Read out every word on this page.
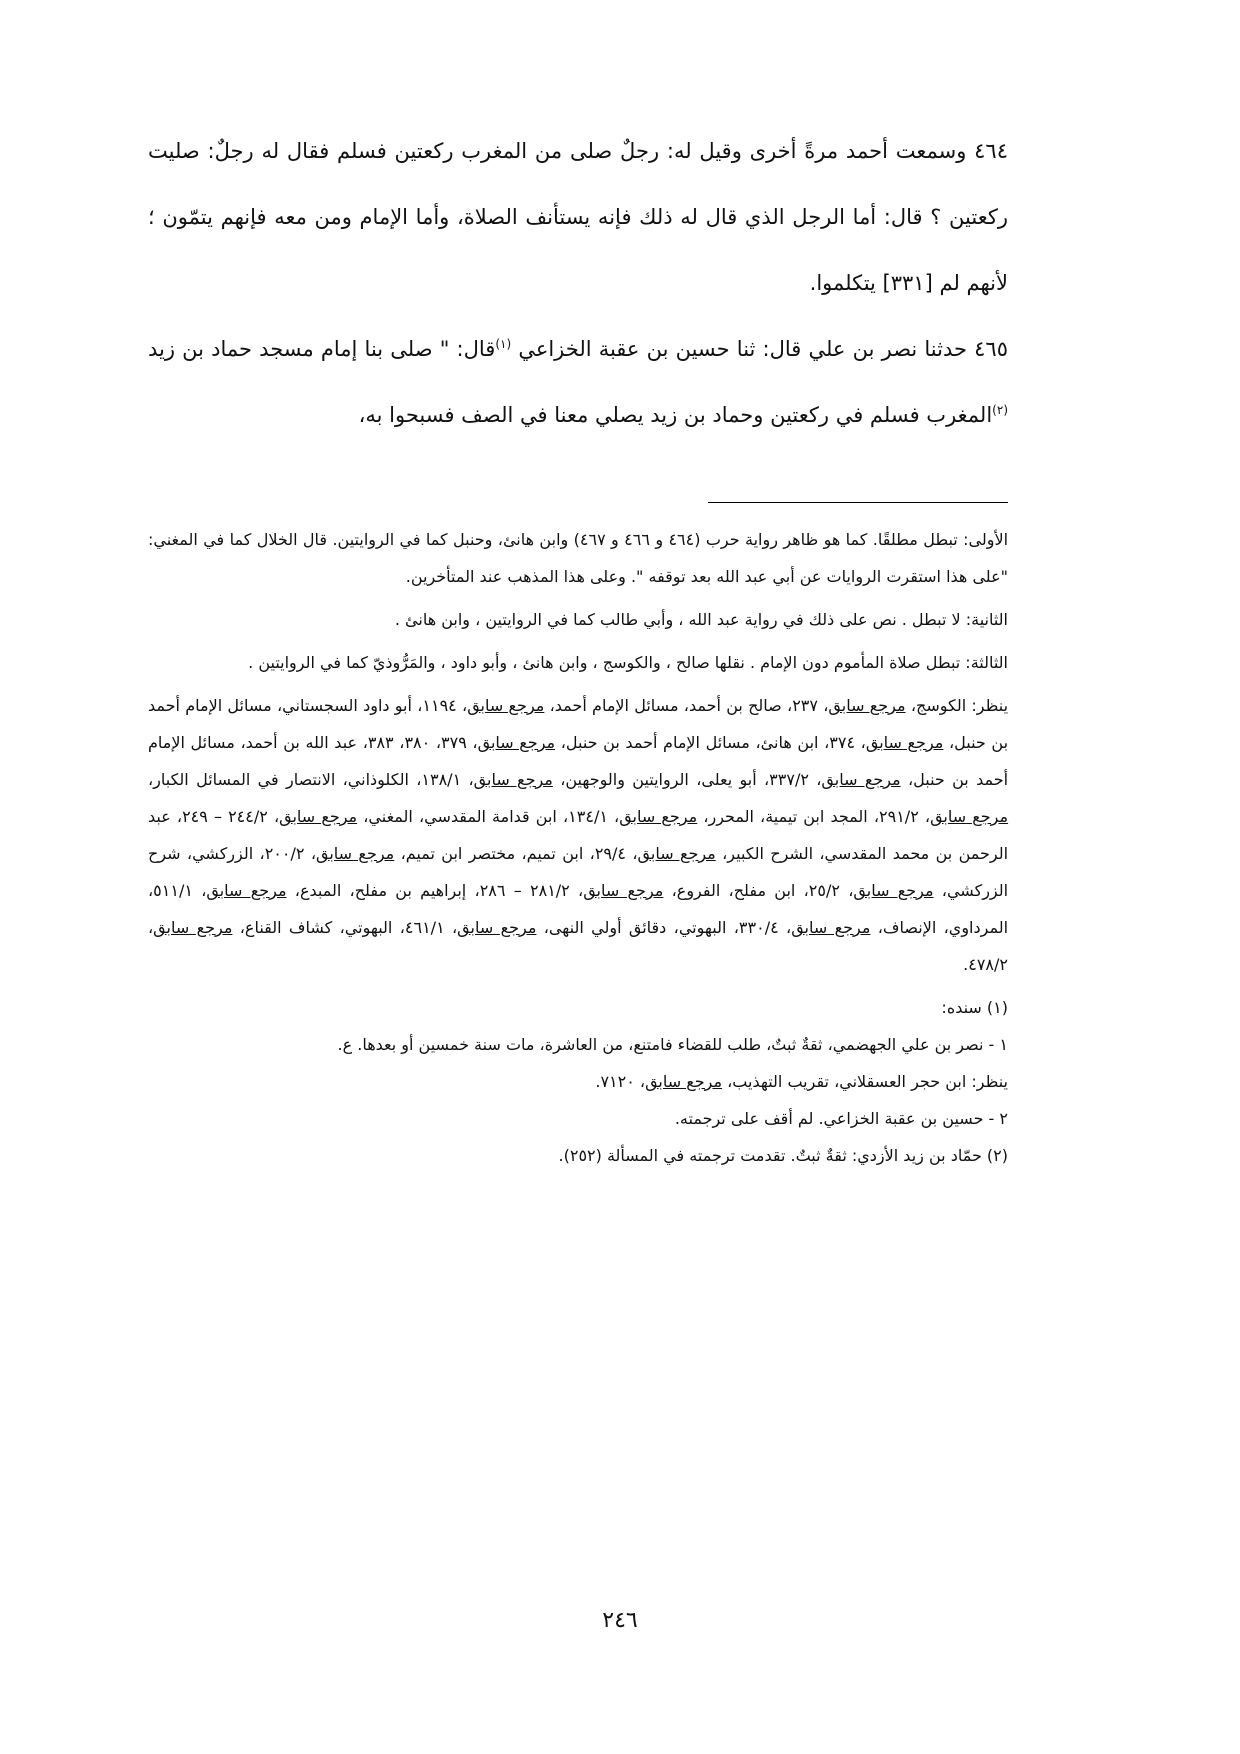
٤٦٤ وسمعت أحمد مرةً أخرى وقيل له: رجلٌ صلى من المغرب ركعتين فسلم فقال له رجلٌ: صليت ركعتين ؟ قال: أما الرجل الذي قال له ذلك فإنه يستأنف الصلاة، وأما الإمام ومن معه فإنهم يتمّون ؛ لأنهم لم [٣٣١] يتكلموا.

٤٦٥ حدثنا نصر بن علي قال: ثنا حسين بن عقبة الخزاعي $^{(١)}$قال: " صلى بنا إمام مسجد حماد بن زيد $^{(٢)}$المغرب فسلم في ركعتين وحماد بن زيد يصلي معنا في الصف فسبحوا به،

الأولى: تبطل مطلقًا. كما هو ظاهر رواية حرب (٤٦٤ و ٤٦٦ و ٤٦٧) وابن هانئ، وحنبل كما في الروايتين. قال الخلال كما في المغني: "على هذا استقرت الروايات عن أبي عبد الله بعد توقفه ". وعلى هذا المذهب عند المتأخرين.

الثانية: لا تبطل . نص على ذلك في رواية عبد الله ، وأبي طالب كما في الروايتين ، وابن هانئ .

الثالثة: تبطل صلاة المأموم دون الإمام . نقلها صالح ، والكوسج ، وابن هانئ ، وأبو داود ، والمَرُّوذيّ كما في الروايتين .

ينظر: الكوسج، مرجع سابق، ٢٣٧، صالح بن أحمد، مسائل الإمام أحمد، مرجع سابق، ١١٩٤، أبو داود السجستاني، مسائل الإمام أحمد بن حنبل، مرجع سابق، ٣٧٤، ابن هانئ، مسائل الإمام أحمد بن حنبل، مرجع سابق، ٣٧٩، ٣٨٠، ٣٨٣، عبد الله بن أحمد، مسائل الإمام أحمد بن حنبل، مرجع سابق، ٣٣٧/٢، أبو يعلى، الروايتين والوجهين، مرجع سابق، ١٣٨/١، الكلوذاني، الانتصار في المسائل الكبار، مرجع سابق، ٢٩١/٢، المجد ابن تيمية، المحرر، مرجع سابق، ١٣٤/١، ابن قدامة المقدسي، المغني، مرجع سابق، ٢٤٤/٢ – ٢٤٩، عبد الرحمن بن محمد المقدسي، الشرح الكبير، مرجع سابق، ٢٩/٤، ابن تميم، مختصر ابن تميم، مرجع سابق، ٢٠٠/٢، الزركشي، شرح الزركشي، مرجع سابق، ٢٥/٢، ابن مفلح، الفروع، مرجع سابق، ٢٨١/٢ – ٢٨٦، إبراهيم بن مفلح، المبدع، مرجع سابق، ٥١١/١، المرداوي، الإنصاف، مرجع سابق، ٣٣٠/٤، البهوتي، دقائق أولي النهى، مرجع سابق، ٤٦١/١، البهوتي، كشاف القناع، مرجع سابق، ٤٧٨/٢.

(١) سنده:

١ - نصر بن علي الجهضمي، ثقةٌ ثبتٌ، طلب للقضاء فامتنع، من العاشرة، مات سنة خمسين أو بعدها. ع.

ينظر: ابن حجر العسقلاني، تقريب التهذيب، مرجع سابق، ٧١٢٠.

٢ - حسين بن عقبة الخزاعي. لم أقف على ترجمته.

(٢) حمّاد بن زيد الأزدي: ثقةٌ ثبتٌ. تقدمت ترجمته في المسألة (٢٥٢).

٢٤٦
